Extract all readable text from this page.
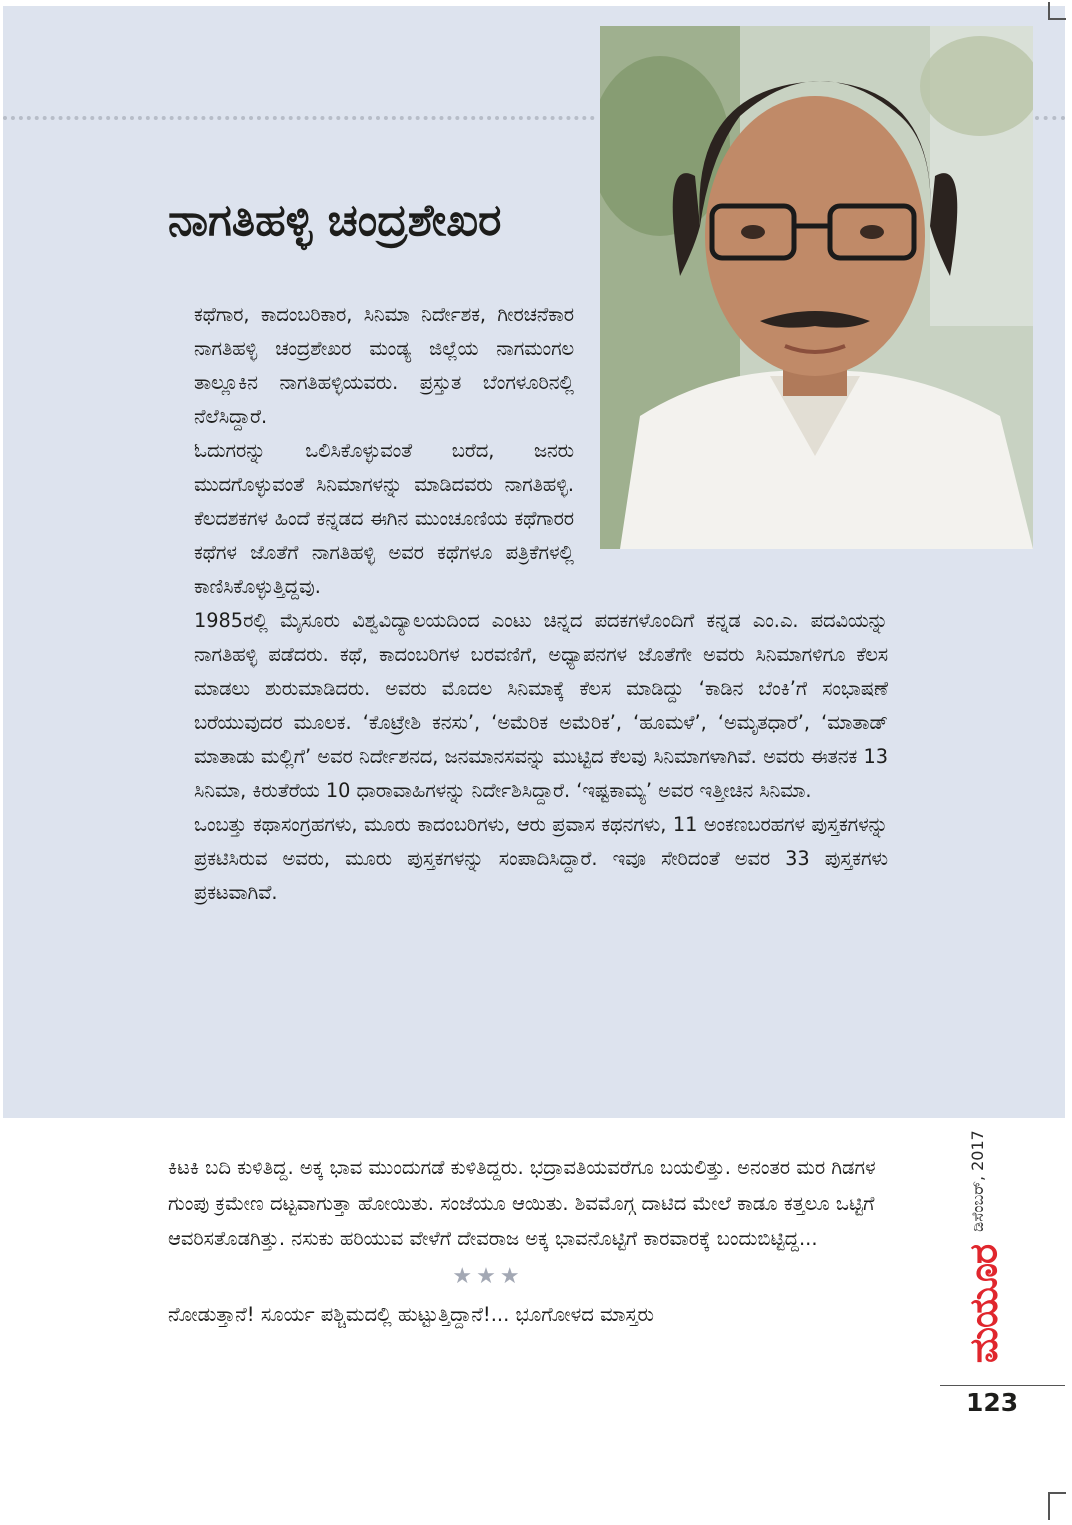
ನಾಗತಿಹಳ್ಳಿ ಚಂದ್ರಶೇಖರ

ಕಥೆಗಾರ, ಕಾದಂಬರಿಕಾರ, ಸಿನಿಮಾ ನಿರ್ದೇಶಕ, ಗೀರಚನೆಕಾರ ನಾಗತಿಹಳ್ಳಿ ಚಂದ್ರಶೇಖರ ಮಂಡ್ಯ ಜಿಲ್ಲೆಯ ನಾಗಮಂಗಲ ತಾಲ್ಲೂಕಿನ ನಾಗತಿಹಳ್ಳಿಯವರು. ಪ್ರಸ್ತುತ ಬೆಂಗಳೂರಿನಲ್ಲಿ ನೆಲೆಸಿದ್ದಾರೆ.

ಓದುಗರನ್ನು ಒಲಿಸಿಕೊಳ್ಳುವಂತೆ ಬರೆದ, ಜನರು ಮುದಗೊಳ್ಳುವಂತೆ ಸಿನಿಮಾಗಳನ್ನು ಮಾಡಿದವರು ನಾಗತಿಹಳ್ಳಿ. ಕೆಲದಶಕಗಳ ಹಿಂದೆ ಕನ್ನಡದ ಈಗಿನ ಮುಂಚೂಣಿಯ ಕಥೆಗಾರರ ಕಥೆಗಳ ಜೊತೆಗೆ ನಾಗತಿಹಳ್ಳಿ ಅವರ ಕಥೆಗಳೂ ಪತ್ರಿಕೆಗಳಲ್ಲಿ ಕಾಣಿಸಿಕೊಳ್ಳುತ್ತಿದ್ದವು.

1985ರಲ್ಲಿ ಮೈಸೂರು ವಿಶ್ವವಿದ್ಯಾಲಯದಿಂದ ಎಂಟು ಚಿನ್ನದ ಪದಕಗಳೊಂದಿಗೆ ಕನ್ನಡ ಎಂ.ಎ. ಪದವಿಯನ್ನು ನಾಗತಿಹಳ್ಳಿ ಪಡೆದರು. ಕಥೆ, ಕಾದಂಬರಿಗಳ ಬರವಣಿಗೆ, ಅಧ್ಯಾಪನಗಳ ಜೊತೆಗೇ ಅವರು ಸಿನಿಮಾಗಳಿಗೂ ಕೆಲಸ ಮಾಡಲು ಶುರುಮಾಡಿದರು. ಅವರು ಮೊದಲ ಸಿನಿಮಾಕ್ಕೆ ಕೆಲಸ ಮಾಡಿದ್ದು ‘ಕಾಡಿನ ಬೆಂಕಿ’ಗೆ ಸಂಭಾಷಣೆ ಬರೆಯುವುದರ ಮೂಲಕ. ‘ಕೊಟ್ರೇಶಿ ಕನಸು’, ‘ಅಮೆರಿಕ ಅಮೆರಿಕ’, ‘ಹೂಮಳೆ’, ‘ಅಮೃತಧಾರೆ’, ‘ಮಾತಾಡ್ ಮಾತಾಡು ಮಲ್ಲಿಗೆ’ ಅವರ ನಿರ್ದೇಶನದ, ಜನಮಾನಸವನ್ನು ಮುಟ್ಟಿದ ಕೆಲವು ಸಿನಿಮಾಗಳಾಗಿವೆ. ಅವರು ಈತನಕ 13 ಸಿನಿಮಾ, ಕಿರುತೆರೆಯ 10 ಧಾರಾವಾಹಿಗಳನ್ನು ನಿರ್ದೇಶಿಸಿದ್ದಾರೆ. ‘ಇಷ್ಟಕಾಮ್ಯ’ ಅವರ ಇತ್ತೀಚಿನ ಸಿನಿಮಾ.

ಒಂಬತ್ತು ಕಥಾಸಂಗ್ರಹಗಳು, ಮೂರು ಕಾದಂಬರಿಗಳು, ಆರು ಪ್ರವಾಸ ಕಥನಗಳು, 11 ಅಂಕಣಬರಹಗಳ ಪುಸ್ತಕಗಳನ್ನು ಪ್ರಕಟಿಸಿರುವ ಅವರು, ಮೂರು ಪುಸ್ತಕಗಳನ್ನು ಸಂಪಾದಿಸಿದ್ದಾರೆ. ಇವೂ ಸೇರಿದಂತೆ ಅವರ 33 ಪುಸ್ತಕಗಳು ಪ್ರಕಟವಾಗಿವೆ.

ಕಿಟಕಿ ಬದಿ ಕುಳಿತಿದ್ದ. ಅಕ್ಕ ಭಾವ ಮುಂದುಗಡೆ ಕುಳಿತಿದ್ದರು. ಭದ್ರಾವತಿಯವರೆಗೂ ಬಯಲಿತ್ತು. ಅನಂತರ ಮರ ಗಿಡಗಳ ಗುಂಪು ಕ್ರಮೇಣ ದಟ್ಟವಾಗುತ್ತಾ ಹೋಯಿತು. ಸಂಜೆಯೂ ಆಯಿತು. ಶಿವಮೊಗ್ಗ ದಾಟಿದ ಮೇಲೆ ಕಾಡೂ ಕತ್ತಲೂ ಒಟ್ಟಿಗೆ ಆವರಿಸತೊಡಗಿತ್ತು. ನಸುಕು ಹರಿಯುವ ವೇಳೆಗೆ ದೇವರಾಜ ಅಕ್ಕ ಭಾವನೊಟ್ಟಿಗೆ ಕಾರವಾರಕ್ಕೆ ಬಂದುಬಿಟ್ಟಿದ್ದ...

★★★

ನೋಡುತ್ತಾನೆ! ಸೂರ್ಯ ಪಶ್ಚಿಮದಲ್ಲಿ ಹುಟ್ಟುತ್ತಿದ್ದಾನೆ!... ಭೂಗೋಳದ ಮಾಸ್ತರು

ಡಿಸೆಂಬರ್, 2017
ಮಯೂರ
123
